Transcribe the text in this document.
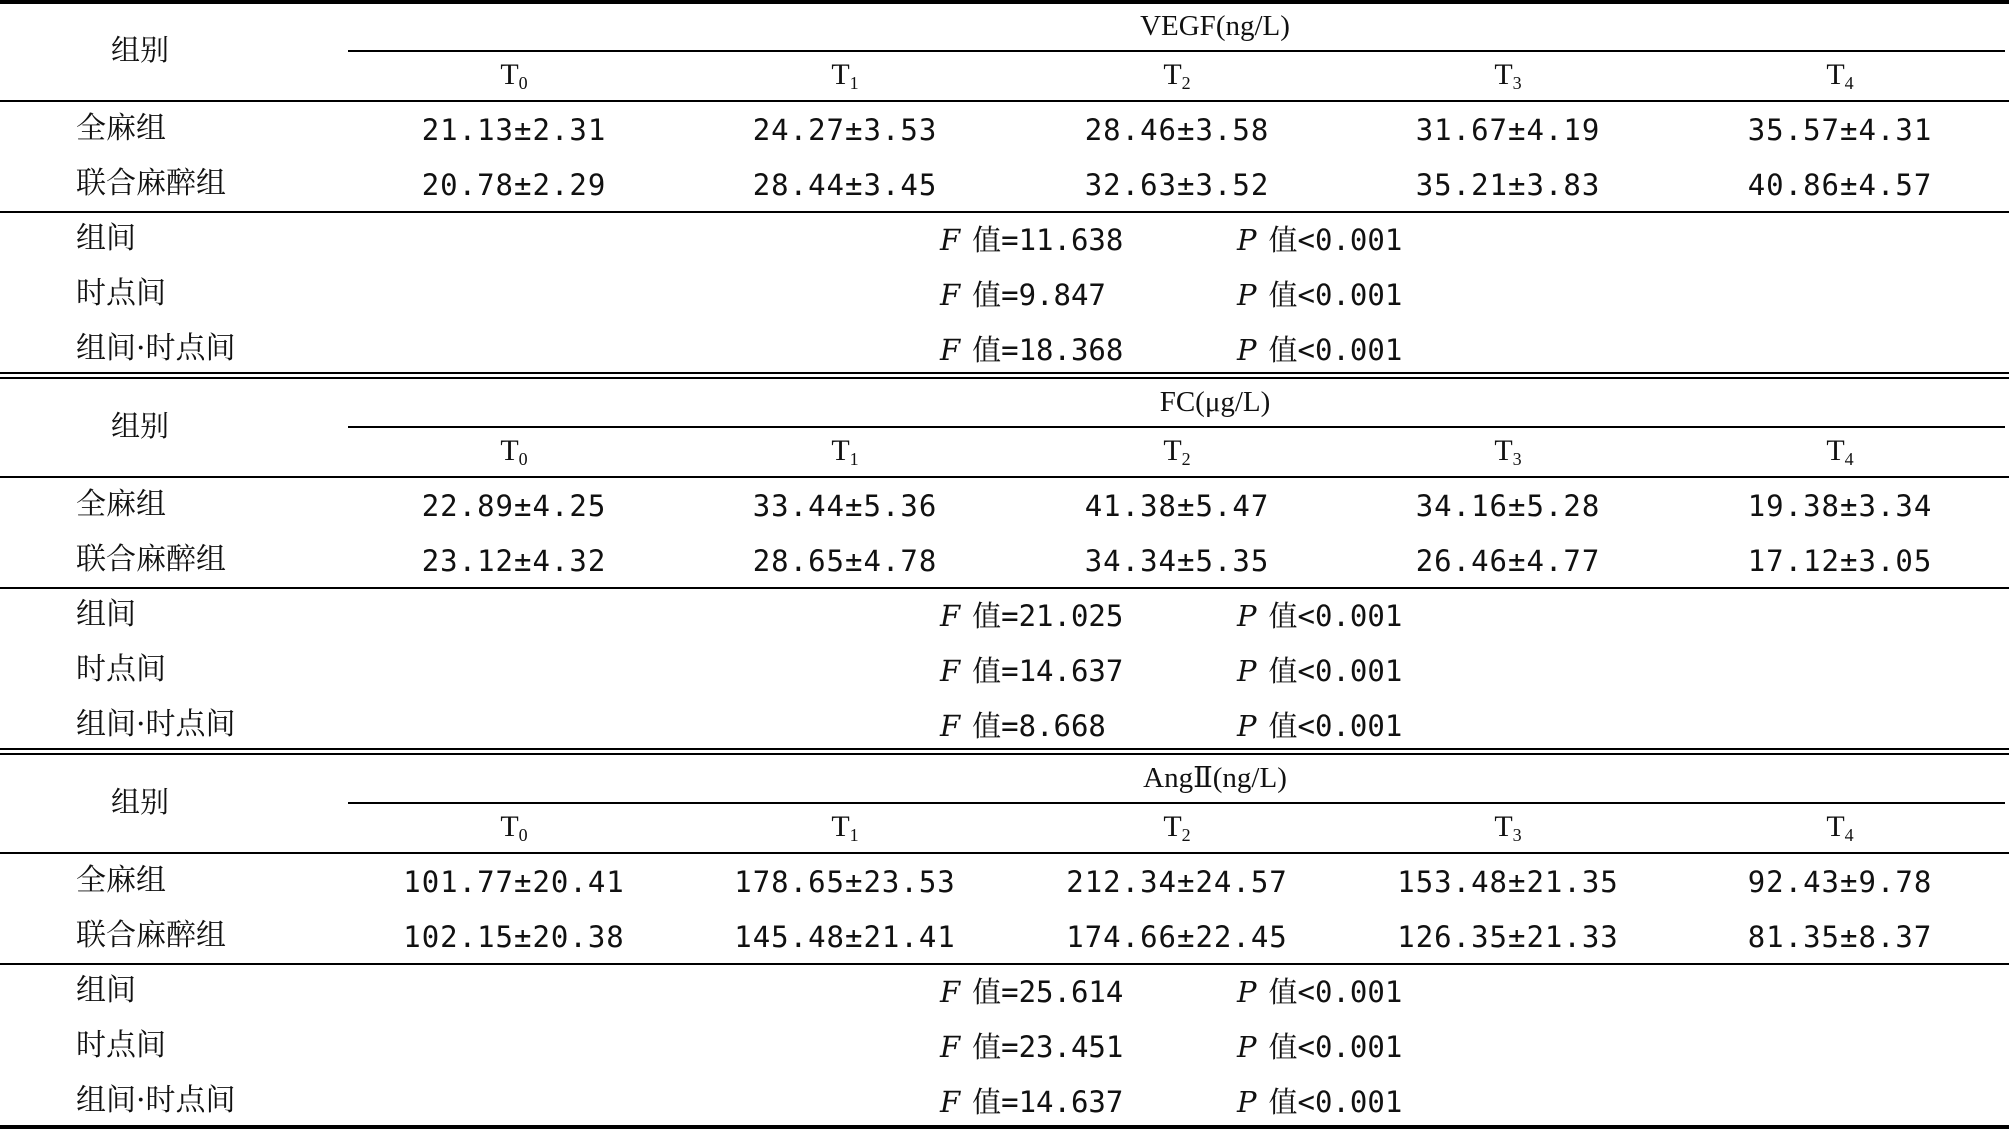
组别
VEGF(ng/L)
$T_0$	$T_1$	$T_2$	$T_3$	$T_4$
全麻组	21.13±2.31	24.27±3.53	28.46±3.58	31.67±4.19	35.57±4.31
联合麻醉组	20.78±2.29	28.44±3.45	32.63±3.52	35.21±3.83	40.86±4.57
组间	F 值=11.638	P 值<0.001
时点间	F 值=9.847	P 值<0.001
组间·时点间	F 值=18.368	P 值<0.001
组别
FC(μg/L)
$T_0$	$T_1$	$T_2$	$T_3$	$T_4$
全麻组	22.89±4.25	33.44±5.36	41.38±5.47	34.16±5.28	19.38±3.34
联合麻醉组	23.12±4.32	28.65±4.78	34.34±5.35	26.46±4.77	17.12±3.05
组间	F 值=21.025	P 值<0.001
时点间	F 值=14.637	P 值<0.001
组间·时点间	F 值=8.668	P 值<0.001
组别
AngⅡ(ng/L)
$T_0$	$T_1$	$T_2$	$T_3$	$T_4$
全麻组	101.77±20.41	178.65±23.53	212.34±24.57	153.48±21.35	92.43±9.78
联合麻醉组	102.15±20.38	145.48±21.41	174.66±22.45	126.35±21.33	81.35±8.37
组间	F 值=25.614	P 值<0.001
时点间	F 值=23.451	P 值<0.001
组间·时点间	F 值=14.637	P 值<0.001
